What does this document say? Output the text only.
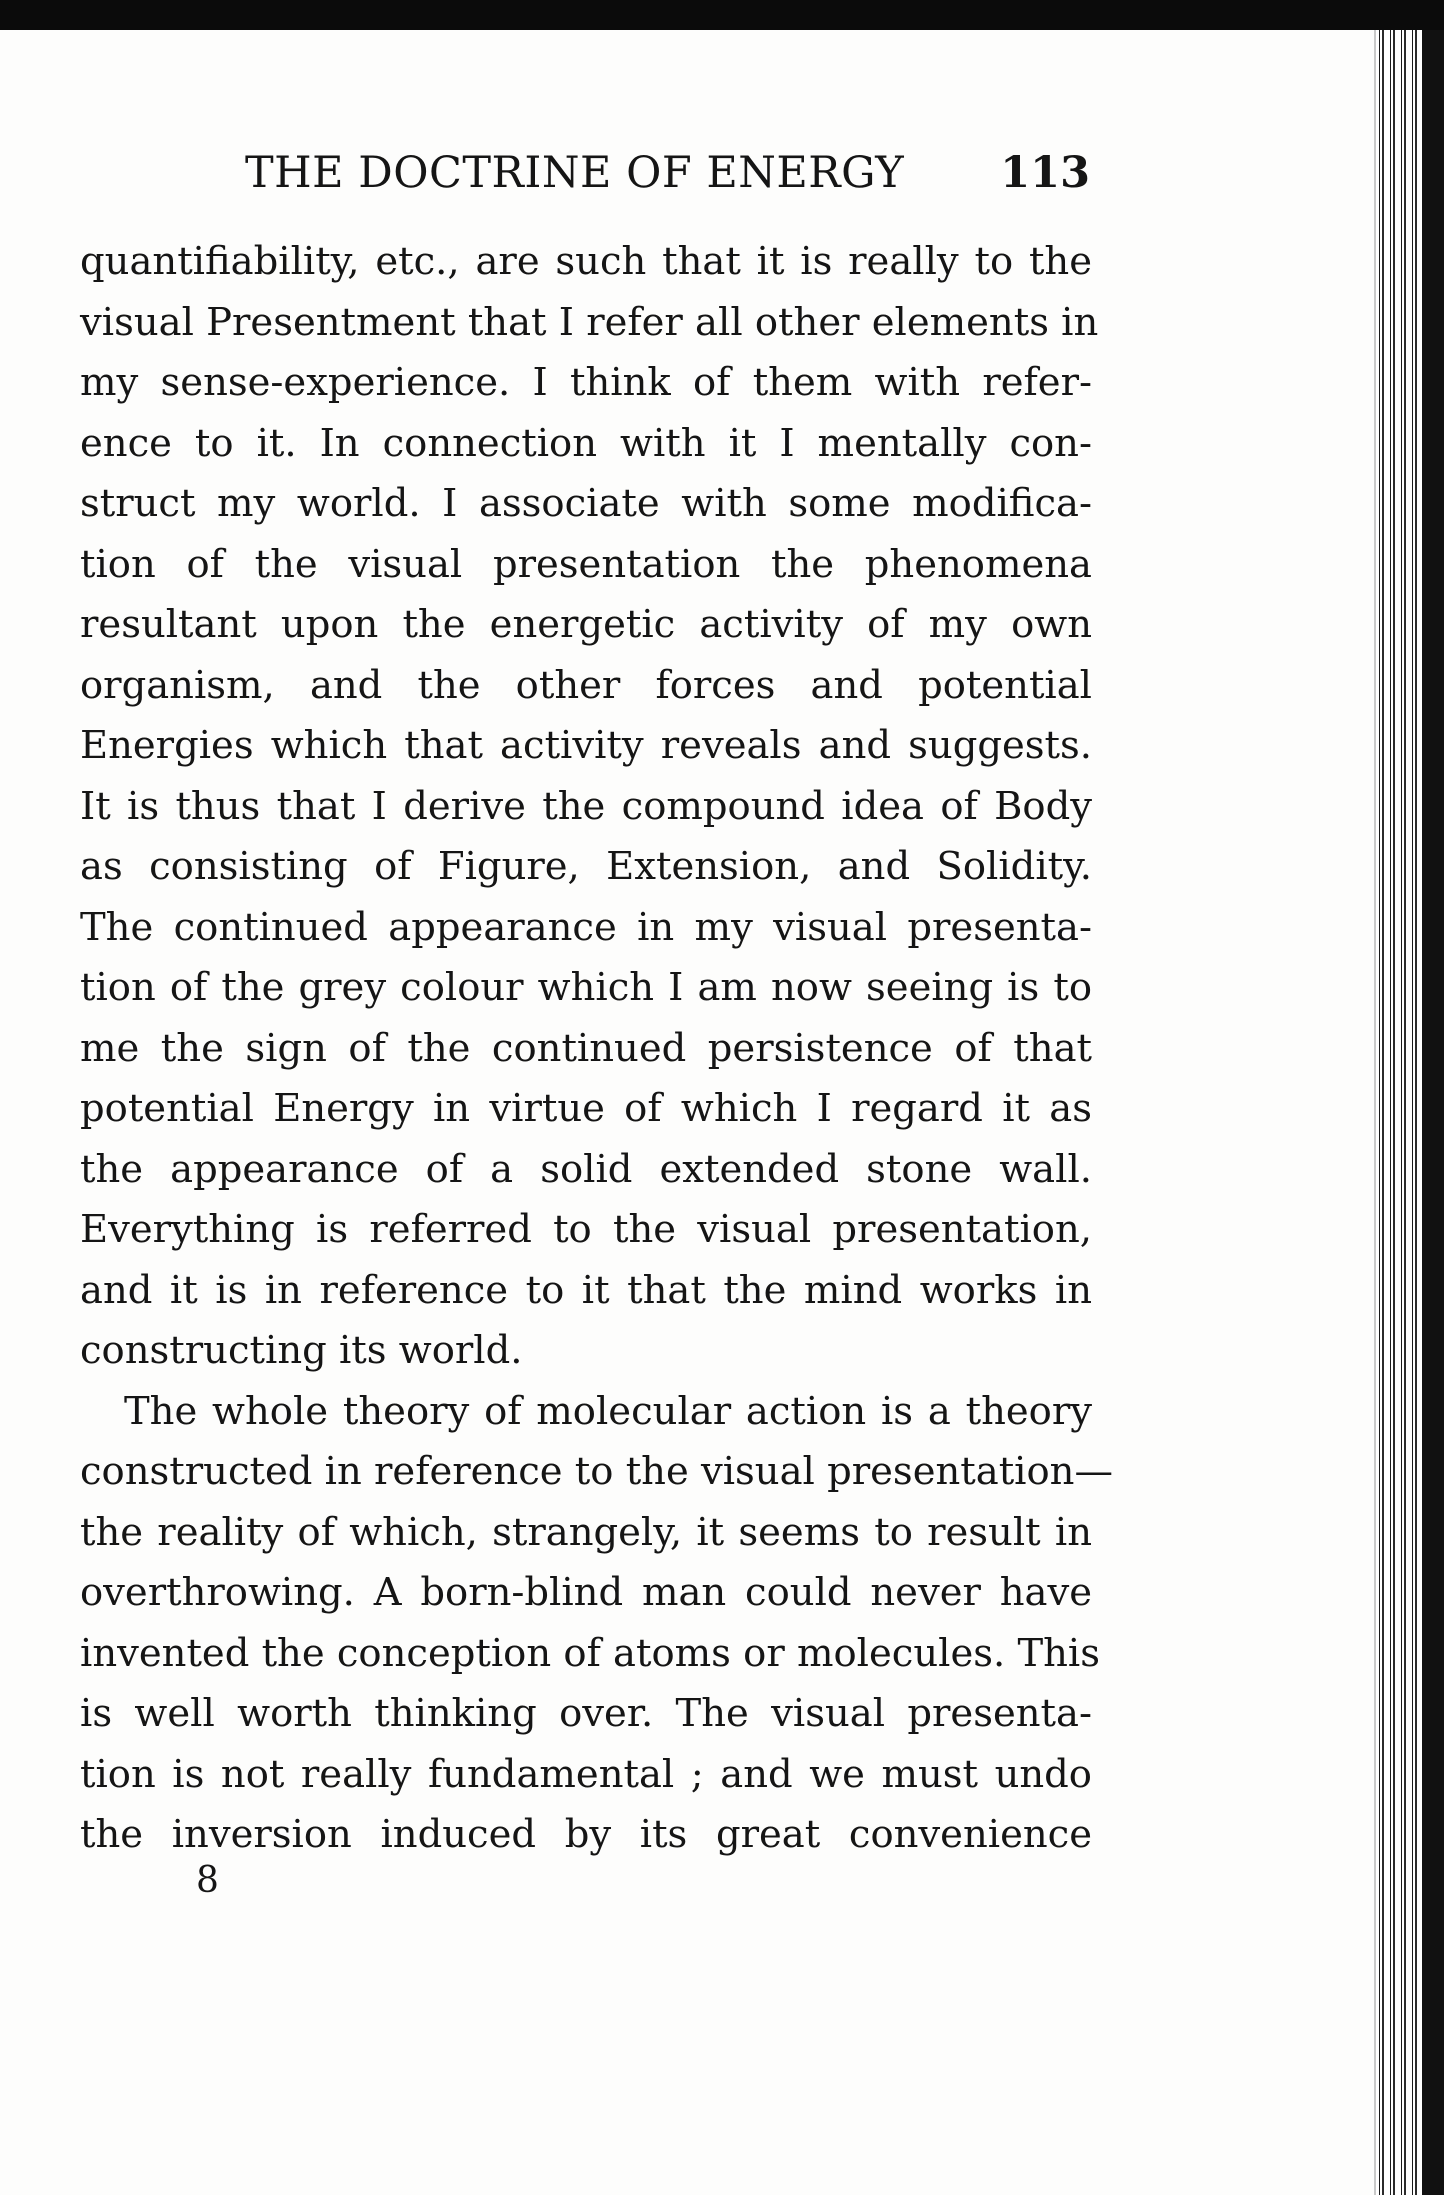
THE DOCTRINE OF ENERGY 113
quantifiability, etc., are such that it is really to the
visual Presentment that I refer all other elements in
my sense-experience. I think of them with refer-
ence to it. In connection with it I mentally con-
struct my world. I associate with some modifica-
tion of the visual presentation the phenomena
resultant upon the energetic activity of my own
organism, and the other forces and potential
Energies which that activity reveals and suggests.
It is thus that I derive the compound idea of Body
as consisting of Figure, Extension, and Solidity.
The continued appearance in my visual presenta-
tion of the grey colour which I am now seeing is to
me the sign of the continued persistence of that
potential Energy in virtue of which I regard it as
the appearance of a solid extended stone wall.
Everything is referred to the visual presentation,
and it is in reference to it that the mind works in
constructing its world.
The whole theory of molecular action is a theory
constructed in reference to the visual presentation—
the reality of which, strangely, it seems to result in
overthrowing. A born-blind man could never have
invented the conception of atoms or molecules. This
is well worth thinking over. The visual presenta-
tion is not really fundamental ; and we must undo
the inversion induced by its great convenience
8
